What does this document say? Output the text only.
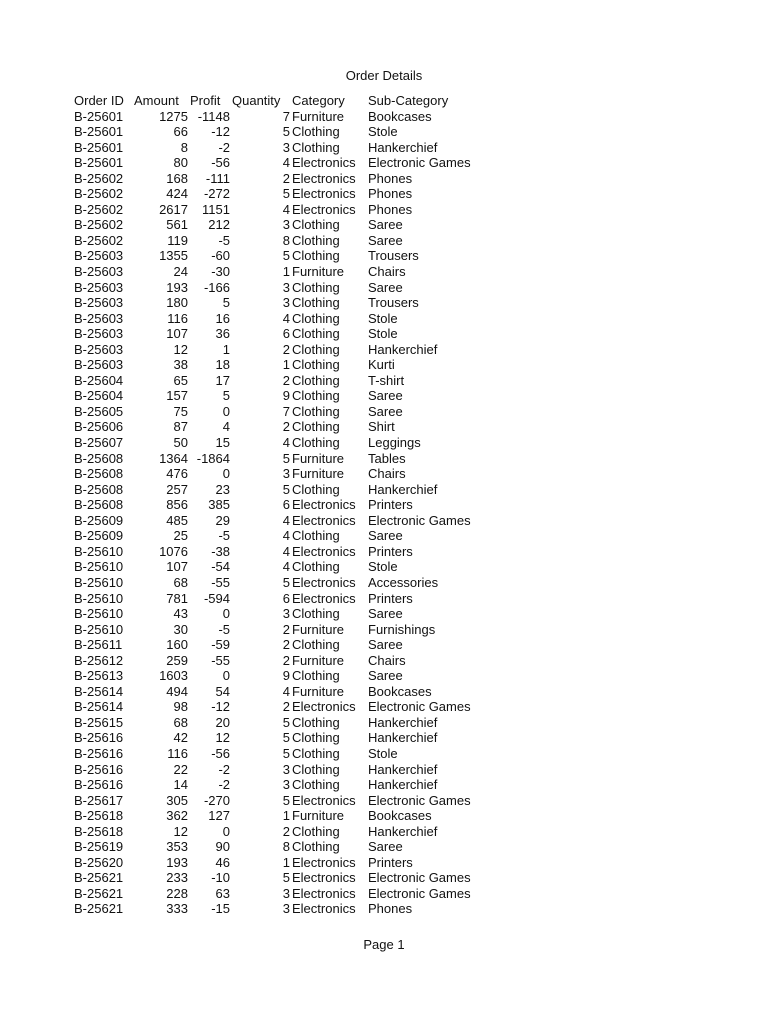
Order Details
Order ID Amount Profit Quantity Category Sub-Category
B-25601	1275 -1148	7 Furniture	Bookcases
B-25601	66	-12	5 Clothing	Stole
B-25601	8	-2	3 Clothing	Hankerchief
B-25601	80	-56	4 Electronics Electronic Games
B-25602	168	-111	2 Electronics Phones
B-25602	424	-272	5 Electronics Phones
B-25602	2617	1151	4 Electronics Phones
B-25602	561	212	3 Clothing	Saree
B-25602	119	-5	8 Clothing	Saree
B-25603	1355	-60	5 Clothing	Trousers
B-25603	24	-30	1 Furniture	Chairs
B-25603	193	-166	3 Clothing	Saree
B-25603	180	5	3 Clothing	Trousers
B-25603	116	16	4 Clothing	Stole
B-25603	107	36	6 Clothing	Stole
B-25603	12	1	2 Clothing	Hankerchief
B-25603	38	18	1 Clothing	Kurti
B-25604	65	17	2 Clothing	T-shirt
B-25604	157	5	9 Clothing	Saree
B-25605	75	0	7 Clothing	Saree
B-25606	87	4	2 Clothing	Shirt
B-25607	50	15	4 Clothing	Leggings
B-25608	1364 -1864	5 Furniture	Tables
B-25608	476	0	3 Furniture	Chairs
B-25608	257	23	5 Clothing	Hankerchief
B-25608	856	385	6 Electronics Printers
B-25609	485	29	4 Electronics Electronic Games
B-25609	25	-5	4 Clothing	Saree
B-25610	1076	-38	4 Electronics Printers
B-25610	107	-54	4 Clothing	Stole
B-25610	68	-55	5 Electronics Accessories
B-25610	781	-594	6 Electronics Printers
B-25610	43	0	3 Clothing	Saree
B-25610	30	-5	2 Furniture	Furnishings
B-25611	160	-59	2 Clothing	Saree
B-25612	259	-55	2 Furniture	Chairs
B-25613	1603	0	9 Clothing	Saree
B-25614	494	54	4 Furniture	Bookcases
B-25614	98	-12	2 Electronics Electronic Games
B-25615	68	20	5 Clothing	Hankerchief
B-25616	42	12	5 Clothing	Hankerchief
B-25616	116	-56	5 Clothing	Stole
B-25616	22	-2	3 Clothing	Hankerchief
B-25616	14	-2	3 Clothing	Hankerchief
B-25617	305	-270	5 Electronics Electronic Games
B-25618	362	127	1 Furniture	Bookcases
B-25618	12	0	2 Clothing	Hankerchief
B-25619	353	90	8 Clothing	Saree
B-25620	193	46	1 Electronics Printers
B-25621	233	-10	5 Electronics Electronic Games
B-25621	228	63	3 Electronics Electronic Games
B-25621	333	-15	3 Electronics Phones
Page 1
